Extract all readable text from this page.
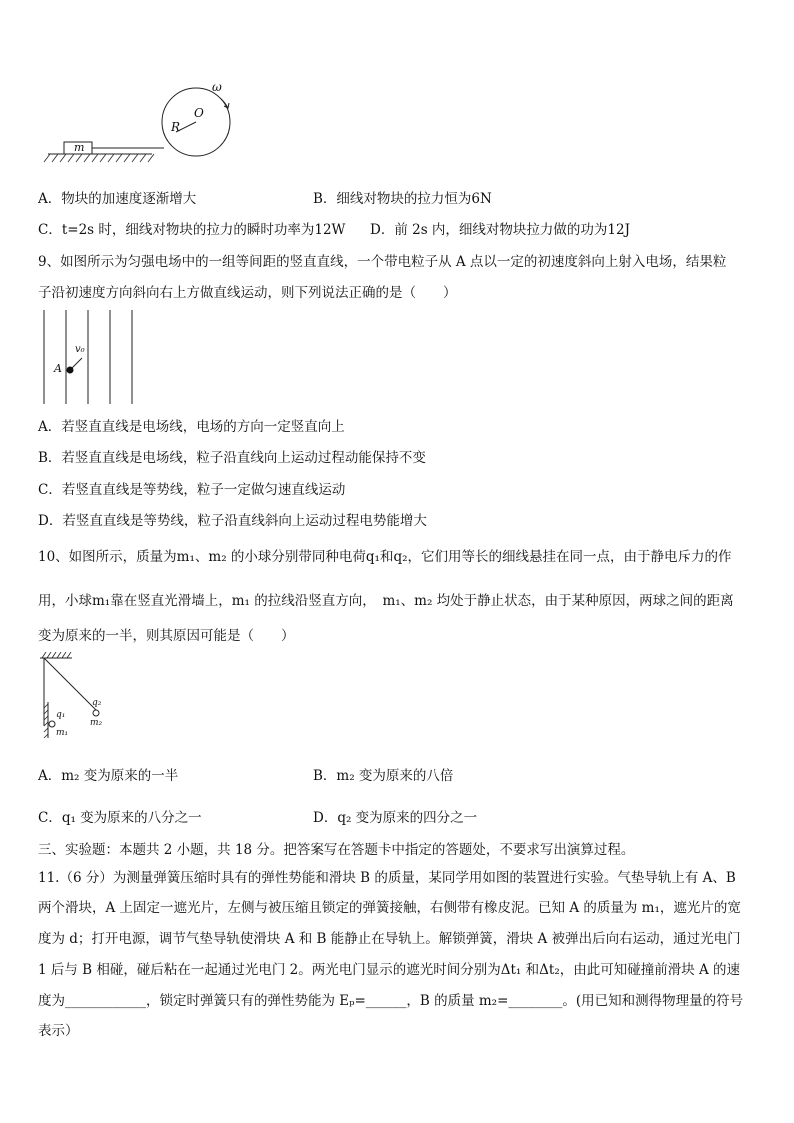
ω
O
R
m
A．物块的加速度逐渐增大	B．细线对物块的拉力恒为6N
C．t=2s 时，细线对物块的拉力的瞬时功率为12W D．前 2s 内，细线对物块拉力做的功为12J
9、如图所示为匀强电场中的一组等间距的竖直直线，一个带电粒子从 A 点以一定的初速度斜向上射入电场，结果粒
子沿初速度方向斜向右上方做直线运动，则下列说法正确的是（　　）
A
v₀
A．若竖直直线是电场线，电场的方向一定竖直向上
B．若竖直直线是电场线，粒子沿直线向上运动过程动能保持不变
C．若竖直直线是等势线，粒子一定做匀速直线运动
D．若竖直直线是等势线，粒子沿直线斜向上运动过程电势能增大
10、如图所示，质量为m₁、m₂ 的小球分别带同种电荷q₁和q₂，它们用等长的细线悬挂在同一点，由于静电斥力的作
用，小球m₁靠在竖直光滑墙上，m₁ 的拉线沿竖直方向，　m₁、m₂ 均处于静止状态，由于某种原因，两球之间的距离
变为原来的一半，则其原因可能是（　　）
q₁
m₁
q₂
m₂
A．m₂ 变为原来的一半	B．m₂ 变为原来的八倍
C．q₁ 变为原来的八分之一	D．q₂ 变为原来的四分之一
三、实验题：本题共 2 小题，共 18 分。把答案写在答题卡中指定的答题处，不要求写出演算过程。
11.（6 分）为测量弹簧压缩时具有的弹性势能和滑块 B 的质量，某同学用如图的装置进行实验。气垫导轨上有 A、B
两个滑块，A 上固定一遮光片，左侧与被压缩且锁定的弹簧接触，右侧带有橡皮泥。已知 A 的质量为 m₁，遮光片的宽
度为 d；打开电源，调节气垫导轨使滑块 A 和 B 能静止在导轨上。解锁弹簧，滑块 A 被弹出后向右运动，通过光电门
1 后与 B 相碰，碰后粘在一起通过光电门 2。两光电门显示的遮光时间分别为Δt₁ 和Δt₂，由此可知碰撞前滑块 A 的速
度为____________，锁定时弹簧只有的弹性势能为 Eₚ=______，B 的质量 m₂=________。(用已知和测得物理量的符号
表示）
